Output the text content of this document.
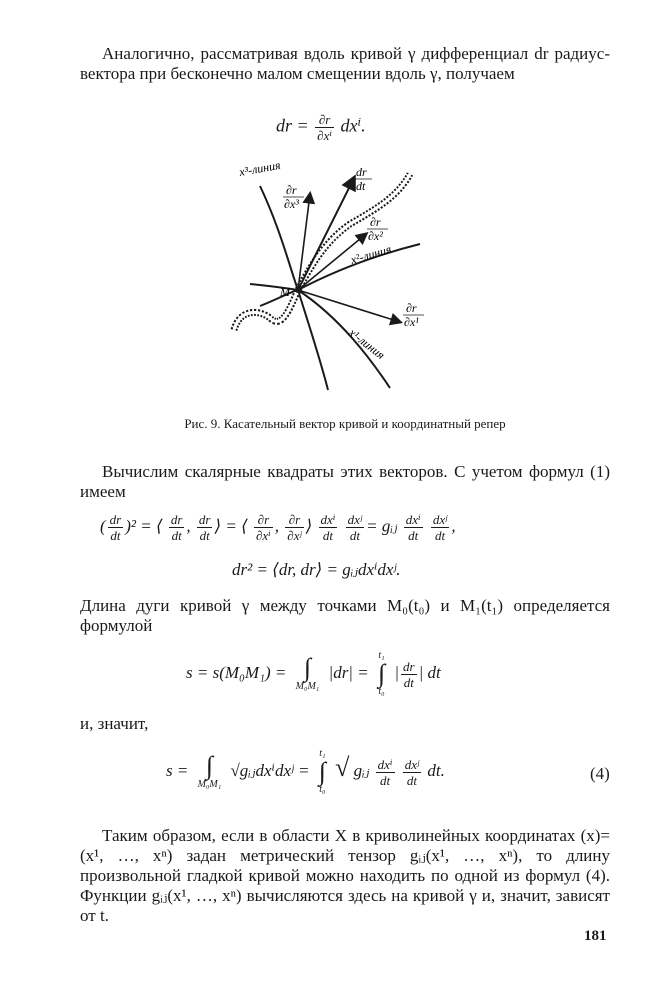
Аналогично, рассматривая вдоль кривой γ дифференциал dr радиус-вектора при бесконечно малом смещении вдоль γ, получаем

dr = $\frac{\partial r}{\text{∂xⁱ}} dx^i$.
x³-линия
∂r
∂x³
dr
dt
∂r
∂x²
x²-линия
M
∂r
∂x¹
x¹-линия
Рис. 9. Касательный вектор кривой и координатный репер

Вычислим скалярные квадраты этих векторов. С учетом формул (1) имеем

( $\frac{dr}{dt} )^2$ = ⟨ $\frac{dr}{dt}$ , $\frac{dr}{dt}$ ⟩ = ⟨ $\frac{\partial r}{\text{∂xⁱ}}$ , $\frac{\partial r}{\text{∂xʲ}}$ ⟩ $\frac{\text{dxⁱ}}{dt}$
$\frac{\text{dxʲ}}{dt}$ = gᵢⱼ $\frac{\text{dxⁱ}}{dt}$
$\frac{\text{dxʲ}}{dt}$ ,
dr² = ⟨dr, dr⟩ = gᵢⱼdxⁱdxʲ.

Длина дуги кривой γ между точками M₀(t₀) и M₁(t₁) определяется формулой

s = s(M₀M₁) = ∫
M₀M₁
|dr| =
t₁
∫
t₀
| $\frac{dr}{dt}$ | dt

и, значит,

s = ∫
M₀M₁
√gᵢⱼdxⁱdxʲ =
t₁
∫
t₀
√ gᵢⱼ $\frac{\text{dxⁱ}}{dt}$
$\frac{\text{dxʲ}}{dt}$ dt.	(4)

Таким образом, если в области X в криволинейных координатах (x)=(x¹, …, xⁿ) задан метрический тензор gᵢⱼ(x¹, …, xⁿ), то длину произвольной гладкой кривой можно находить по одной из формул (4). Функции gᵢⱼ(x¹, …, xⁿ) вычисляются здесь на кривой γ и, значит, зависят от t.

181
